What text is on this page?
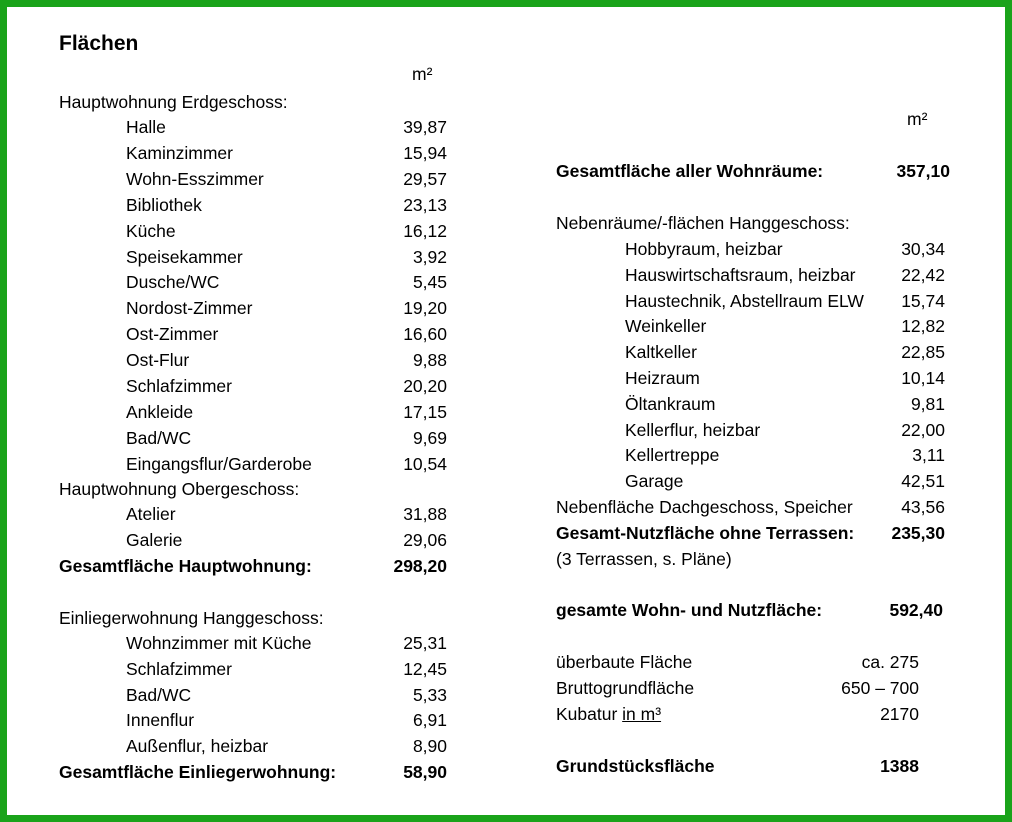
Flächen
m²
m²
Hauptwohnung Erdgeschoss:
Halle	39,87
Kaminzimmer	15,94
Wohn-Esszimmer	29,57
Bibliothek	23,13
Küche	16,12
Speisekammer	3,92
Dusche/WC	5,45
Nordost-Zimmer	19,20
Ost-Zimmer	16,60
Ost-Flur	9,88
Schlafzimmer	20,20
Ankleide	17,15
Bad/WC	9,69
Eingangsflur/Garderobe	10,54
Hauptwohnung Obergeschoss:
Atelier	31,88
Galerie	29,06
Gesamtfläche Hauptwohnung:	298,20
Einliegerwohnung Hanggeschoss:
Wohnzimmer mit Küche	25,31
Schlafzimmer	12,45
Bad/WC	5,33
Innenflur	6,91
Außenflur, heizbar	8,90
Gesamtfläche Einliegerwohnung:	58,90
Gesamtfläche aller Wohnräume:	357,10
Nebenräume/-flächen Hanggeschoss:
Hobbyraum, heizbar	30,34
Hauswirtschaftsraum, heizbar	22,42
Haustechnik, Abstellraum ELW	15,74
Weinkeller	12,82
Kaltkeller	22,85
Heizraum	10,14
Öltankraum	9,81
Kellerflur, heizbar	22,00
Kellertreppe	3,11
Garage	42,51
Nebenfläche Dachgeschoss, Speicher	43,56
Gesamt-Nutzfläche ohne Terrassen:	235,30
(3 Terrassen, s. Pläne)
gesamte Wohn- und Nutzfläche:	592,40
überbaute Fläche	ca. 275
Bruttogrundfläche	650 – 700
Kubatur in m³	2170
Grundstücksfläche	1388
